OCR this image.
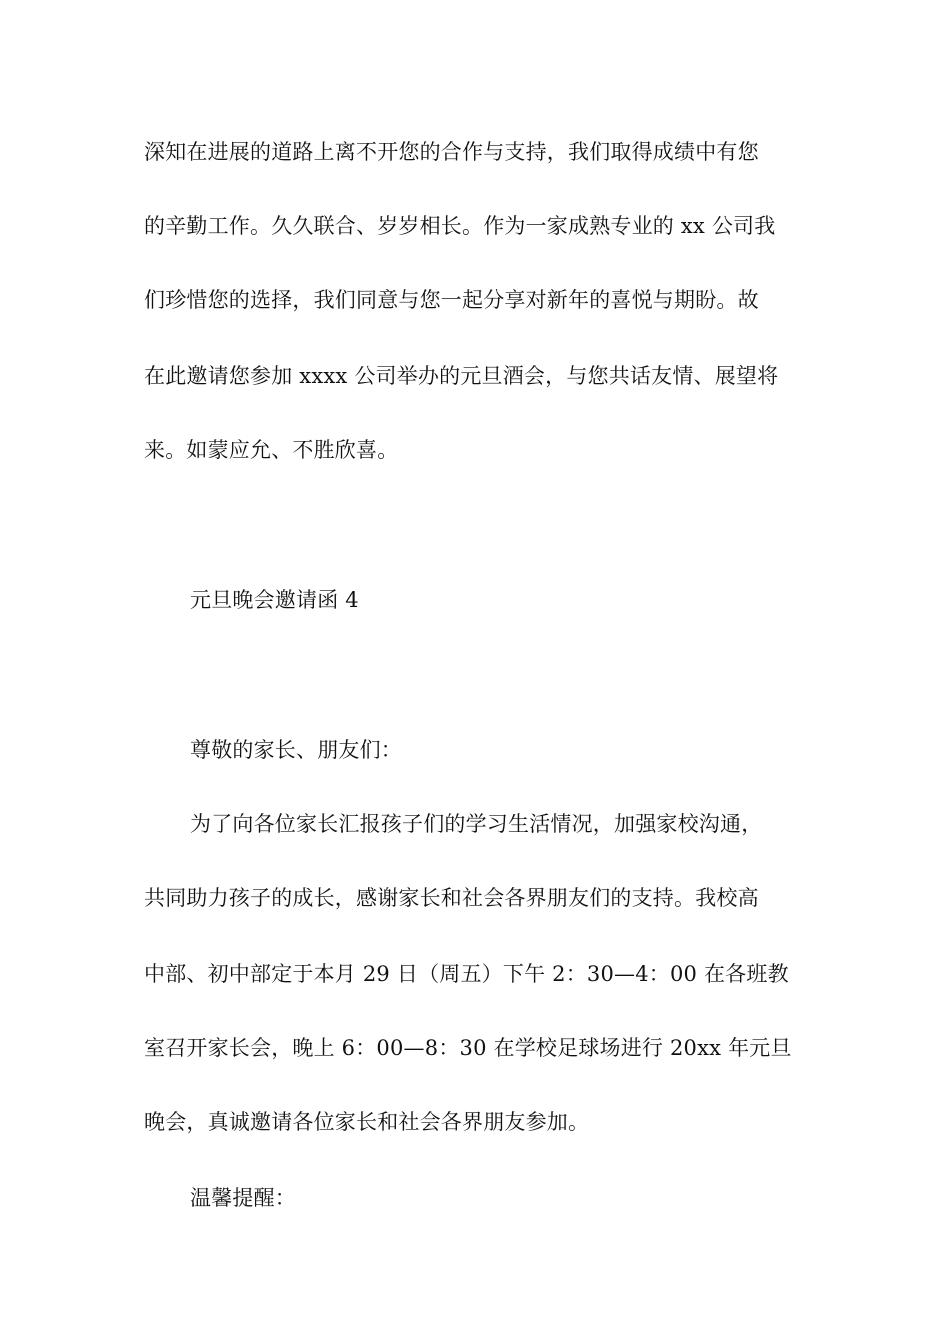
深知在进展的道路上离不开您的合作与支持，我们取得成绩中有您
的辛勤工作。久久联合、岁岁相长。作为一家成熟专业的 xx 公司我
们珍惜您的选择，我们同意与您一起分享对新年的喜悦与期盼。故
在此邀请您参加 xxxx 公司举办的元旦酒会，与您共话友情、展望将
来。如蒙应允、不胜欣喜。
元旦晚会邀请函 4
尊敬的家长、朋友们：
为了向各位家长汇报孩子们的学习生活情况，加强家校沟通，
共同助力孩子的成长，感谢家长和社会各界朋友们的支持。我校高
中部、初中部定于本月 29 日（周五）下午 2：30—4：00 在各班教
室召开家长会，晚上 6：00—8：30 在学校足球场进行 20xx 年元旦
晚会，真诚邀请各位家长和社会各界朋友参加。
温馨提醒：
